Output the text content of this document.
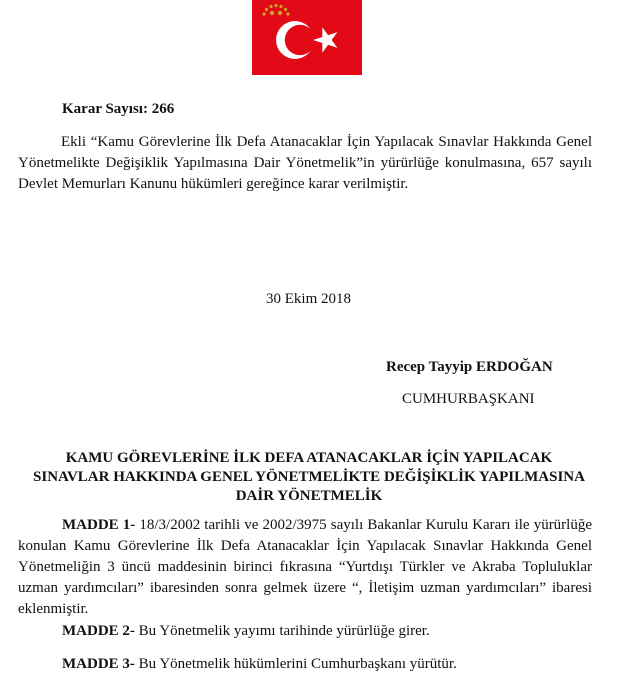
Karar Sayısı: 266

Ekli “Kamu Görevlerine İlk Defa Atanacaklar İçin Yapılacak Sınavlar Hakkında Genel Yönetmelikte Değişiklik Yapılmasına Dair Yönetmelik”in yürürlüğe konulmasına, 657 sayılı Devlet Memurları Kanunu hükümleri gereğince karar verilmiştir.

30 Ekim 2018

Recep Tayyip ERDOĞAN

CUMHURBAŞKANI

KAMU GÖREVLERİNE İLK DEFA ATANACAKLAR İÇİN YAPILACAK
SINAVLAR HAKKINDA GENEL YÖNETMELİKTE DEĞİŞİKLİK YAPILMASINA
DAİR YÖNETMELİK

MADDE 1- 18/3/2002 tarihli ve 2002/3975 sayılı Bakanlar Kurulu Kararı ile yürürlüğe konulan Kamu Görevlerine İlk Defa Atanacaklar İçin Yapılacak Sınavlar Hakkında Genel Yönetmeliğin 3 üncü maddesinin birinci fıkrasına “Yurtdışı Türkler ve Akraba Topluluklar uzman yardımcıları” ibaresinden sonra gelmek üzere “, İletişim uzman yardımcıları” ibaresi eklenmiştir.

MADDE 2- Bu Yönetmelik yayımı tarihinde yürürlüğe girer.

MADDE 3- Bu Yönetmelik hükümlerini Cumhurbaşkanı yürütür.
